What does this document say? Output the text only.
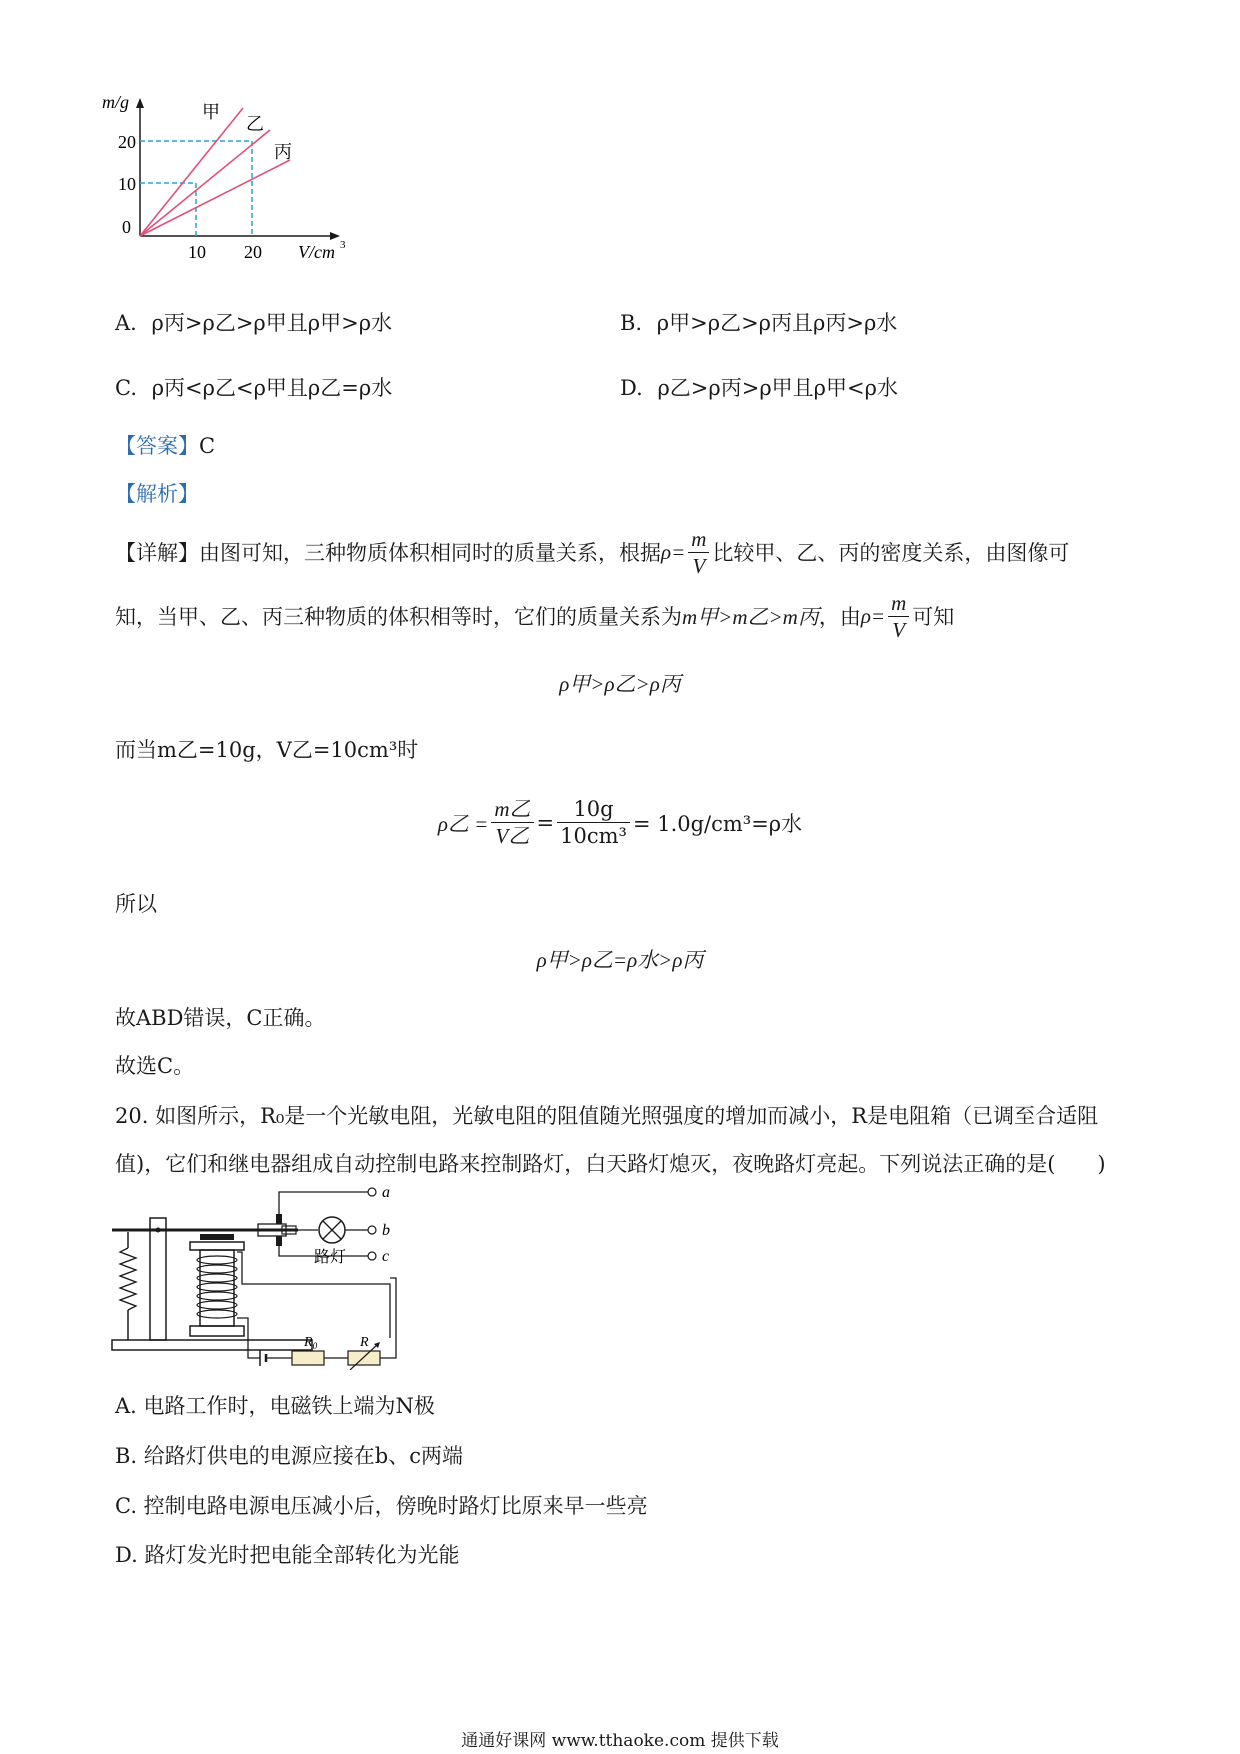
m/g
20
10
0
10 20 V/cm 3
甲
乙
丙
A. ρ丙>ρ乙>ρ甲且ρ甲>ρ水	B. ρ甲>ρ乙>ρ丙且ρ丙>ρ水
C. ρ丙<ρ乙<ρ甲且ρ乙=ρ水	D. ρ乙>ρ丙>ρ甲且ρ甲<ρ水
【答案】C
【解析】
【详解】 由图可知，三种物质体积相同时的质量关系，根据 $\rho= \frac{m}{V}$ 比较甲、乙、丙的密度关系，由图像可
知，当甲、乙、丙三种物质的体积相等时，它们的质量关系为 m甲>m乙>m丙 ，由 $\rho= \frac{m}{V}$ 可知
ρ甲>ρ乙>ρ丙
而当m乙=10g，V乙=10cm³时
ρ乙 = $\frac{\text{m乙}}{\text{V乙}} = \frac{10g}{\text{10cm³}} = 1.0g/cm^3=\rho$水
所以
ρ甲>ρ乙=ρ水>ρ丙
故ABD错误，C正确。
故选C。
20. 如图所示，R₀是一个光敏电阻，光敏电阻的阻值随光照强度的增加而减小，R是电阻箱（已调至合适阻
值)，它们和继电器组成自动控制电路来控制路灯，白天路灯熄灭，夜晚路灯亮起。下列说法正确的是(　　)
$R_0$	R
路灯
a
b
c
A. 电路工作时，电磁铁上端为N极
B. 给路灯供电的电源应接在b、c两端
C. 控制电路电源电压减小后，傍晚时路灯比原来早一些亮
D. 路灯发光时把电能全部转化为光能
通通好课网 www.tthaoke.com 提供下载
